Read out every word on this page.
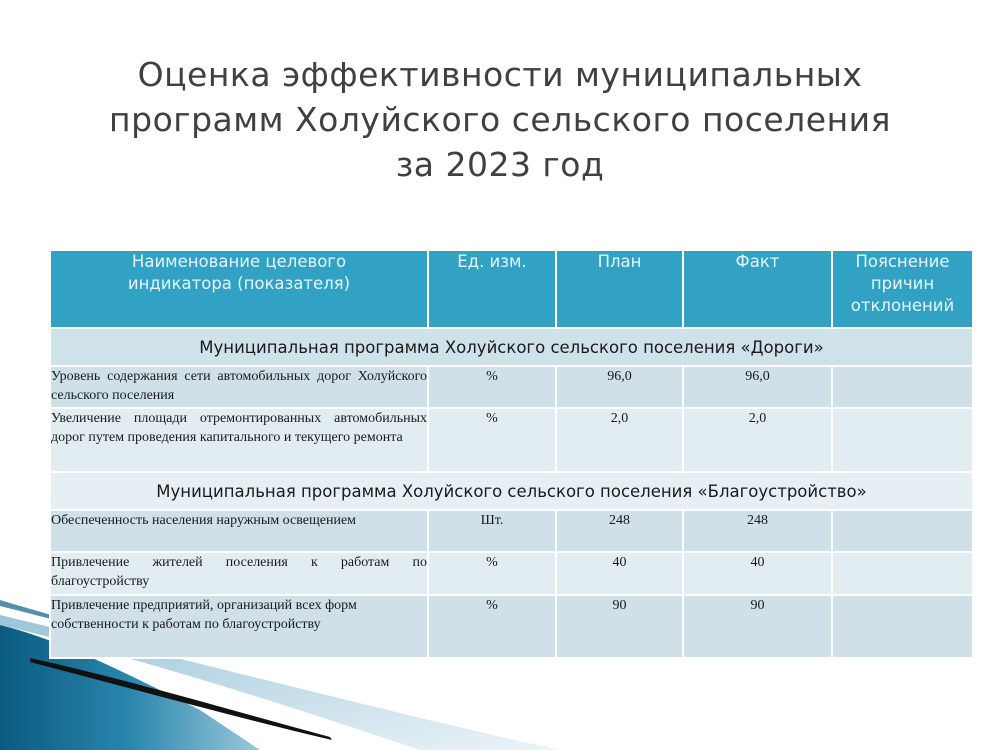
Оценка эффективности муниципальных
программ Холуйского сельского поселения
за 2023 год
Наименование целевого индикатора (показателя)	Ед. изм.	План	Факт	Пояснение причин отклонений
Муниципальная программа Холуйского сельского поселения «Дороги»				
Уровень содержания сети автомобильных дорог Холуйского сельского поселения	%	96,0	96,0	
Увеличение площади отремонтированных автомобильных дорог путем проведения капитального и текущего ремонта	%	2,0	2,0	
Муниципальная программа Холуйского сельского поселения «Благоустройство»				
Обеспеченность населения наружным освещением	Шт.	248	248	
Привлечение жителей поселения к работам по благоустройству	%	40	40	
Привлечение предприятий, организаций всех форм собственности к работам по благоустройству	%	90	90	
